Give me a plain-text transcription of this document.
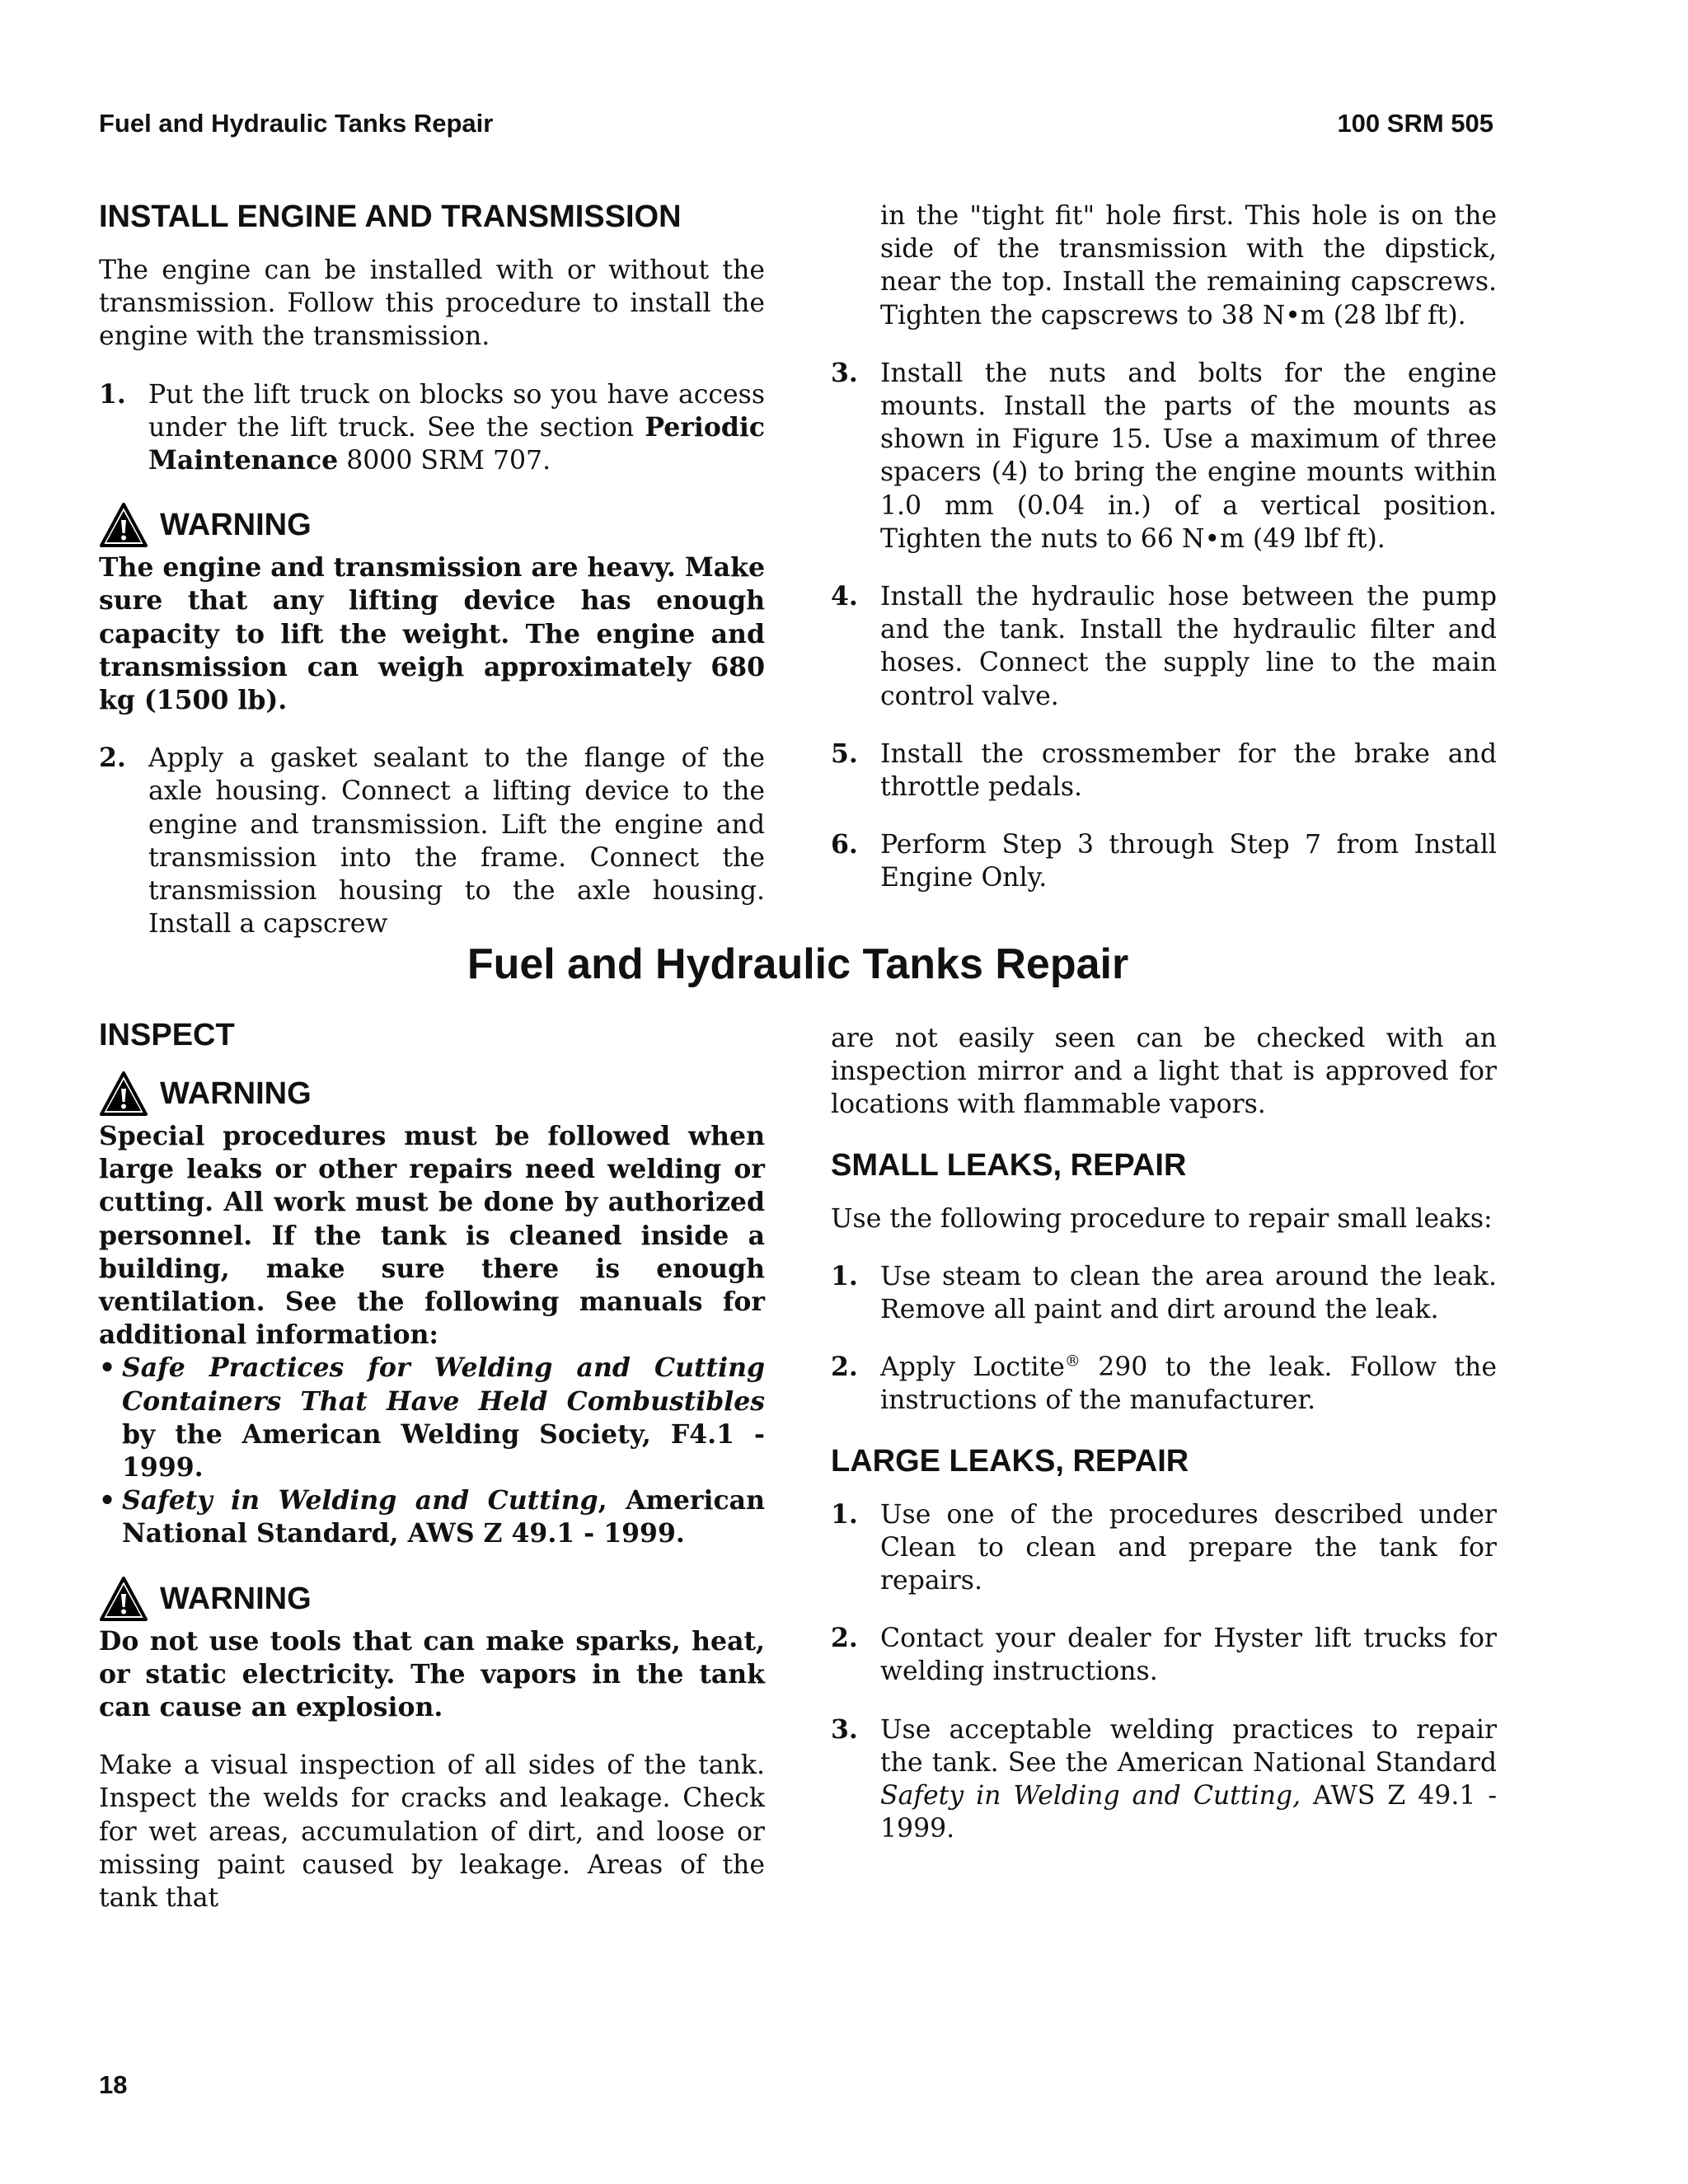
Fuel and Hydraulic Tanks Repair	100 SRM 505
INSTALL ENGINE AND TRANSMISSION
The engine can be installed with or without the transmission. Follow this procedure to install the engine with the transmission.
1. Put the lift truck on blocks so you have access under the lift truck. See the section Periodic Maintenance 8000 SRM 707.
WARNING
The engine and transmission are heavy. Make sure that any lifting device has enough capacity to lift the weight. The engine and transmission can weigh approximately 680 kg (1500 lb).
2. Apply a gasket sealant to the flange of the axle housing. Connect a lifting device to the engine and transmission. Lift the engine and transmission into the frame. Connect the transmission housing to the axle housing. Install a capscrew
in the "tight fit" hole first. This hole is on the side of the transmission with the dipstick, near the top. Install the remaining capscrews. Tighten the capscrews to 38 N•m (28 lbf ft).
3. Install the nuts and bolts for the engine mounts. Install the parts of the mounts as shown in Figure 15. Use a maximum of three spacers (4) to bring the engine mounts within 1.0 mm (0.04 in.) of a vertical position. Tighten the nuts to 66 N•m (49 lbf ft).
4. Install the hydraulic hose between the pump and the tank. Install the hydraulic filter and hoses. Connect the supply line to the main control valve.
5. Install the crossmember for the brake and throttle pedals.
6. Perform Step 3 through Step 7 from Install Engine Only.
Fuel and Hydraulic Tanks Repair
INSPECT
WARNING
Special procedures must be followed when large leaks or other repairs need welding or cutting. All work must be done by authorized personnel. If the tank is cleaned inside a building, make sure there is enough ventilation. See the following manuals for additional information:
• Safe Practices for Welding and Cutting Containers That Have Held Combustibles by the American Welding Society, F4.1 - 1999.
• Safety in Welding and Cutting, American National Standard, AWS Z 49.1 - 1999.
WARNING
Do not use tools that can make sparks, heat, or static electricity. The vapors in the tank can cause an explosion.
Make a visual inspection of all sides of the tank. Inspect the welds for cracks and leakage. Check for wet areas, accumulation of dirt, and loose or missing paint caused by leakage. Areas of the tank that
are not easily seen can be checked with an inspection mirror and a light that is approved for locations with flammable vapors.
SMALL LEAKS, REPAIR
Use the following procedure to repair small leaks:
1. Use steam to clean the area around the leak. Remove all paint and dirt around the leak.
2. Apply Loctite® 290 to the leak. Follow the instructions of the manufacturer.
LARGE LEAKS, REPAIR
1. Use one of the procedures described under Clean to clean and prepare the tank for repairs.
2. Contact your dealer for Hyster lift trucks for welding instructions.
3. Use acceptable welding practices to repair the tank. See the American National Standard Safety in Welding and Cutting, AWS Z 49.1 - 1999.
18
